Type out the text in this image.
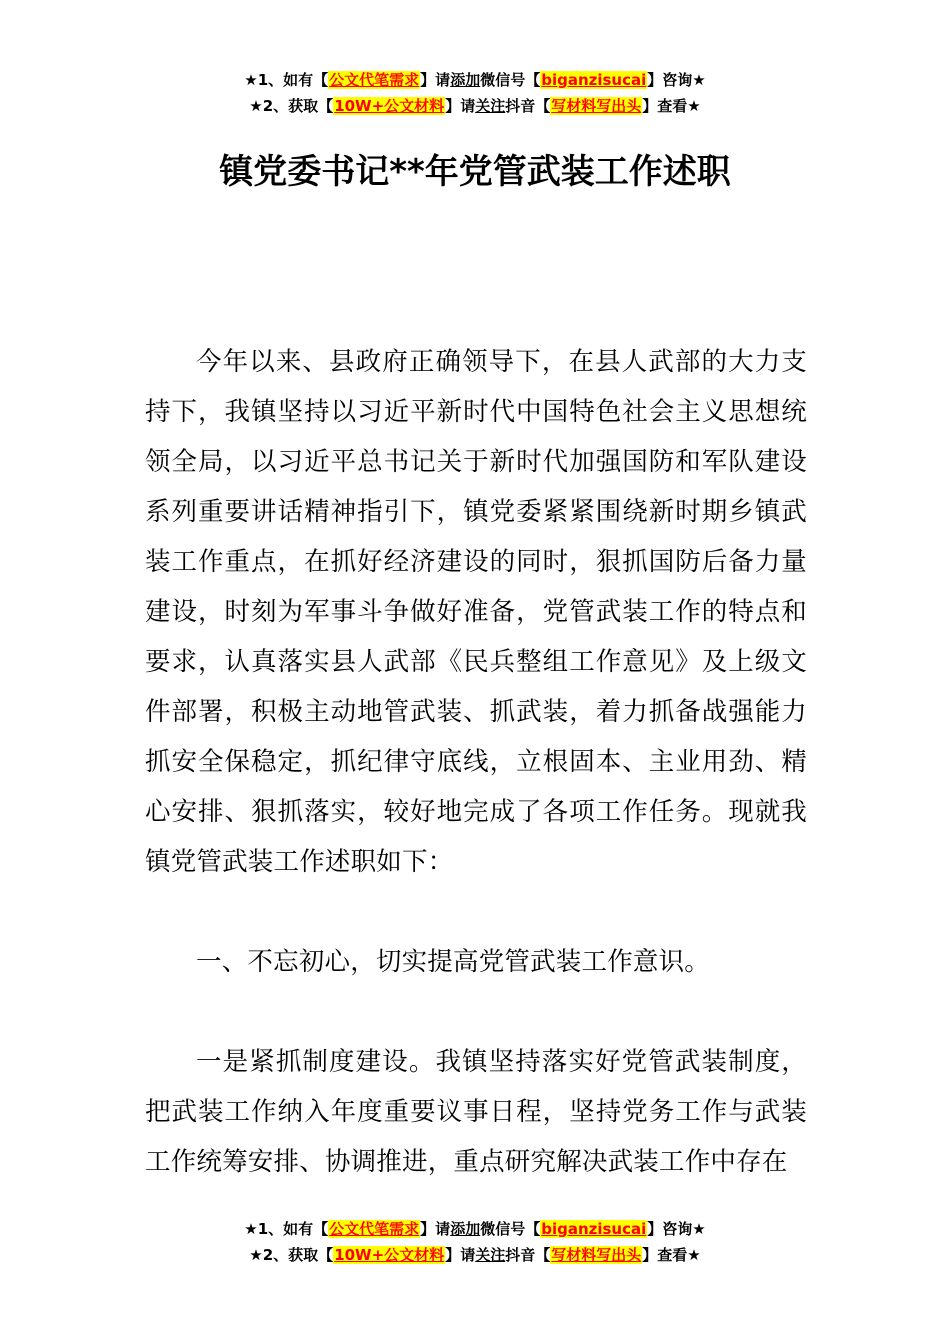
★1、如有【公文代笔需求】请添加微信号【biganzisucai】咨询★
★2、获取【10W+公文材料】请关注抖音【写材料写出头】查看★
镇党委书记**年党管武装工作述职

今年以来、县政府正确领导下，在县人武部的大力支持下，我镇坚持以习近平新时代中国特色社会主义思想统领全局，以习近平总书记关于新时代加强国防和军队建设系列重要讲话精神指引下，镇党委紧紧围绕新时期乡镇武装工作重点，在抓好经济建设的同时，狠抓国防后备力量建设，时刻为军事斗争做好准备，党管武装工作的特点和要求，认真落实县人武部《民兵整组工作意见》及上级文件部署，积极主动地管武装、抓武装，着力抓备战强能力抓安全保稳定，抓纪律守底线，立根固本、主业用劲、精心安排、狠抓落实，较好地完成了各项工作任务。现就我镇党管武装工作述职如下：

一、不忘初心，切实提高党管武装工作意识。

一是紧抓制度建设。我镇坚持落实好党管武装制度，把武装工作纳入年度重要议事日程，坚持党务工作与武装工作统筹安排、协调推进，重点研究解决武装工作中存在

★1、如有【公文代笔需求】请添加微信号【biganzisucai】咨询★
★2、获取【10W+公文材料】请关注抖音【写材料写出头】查看★
